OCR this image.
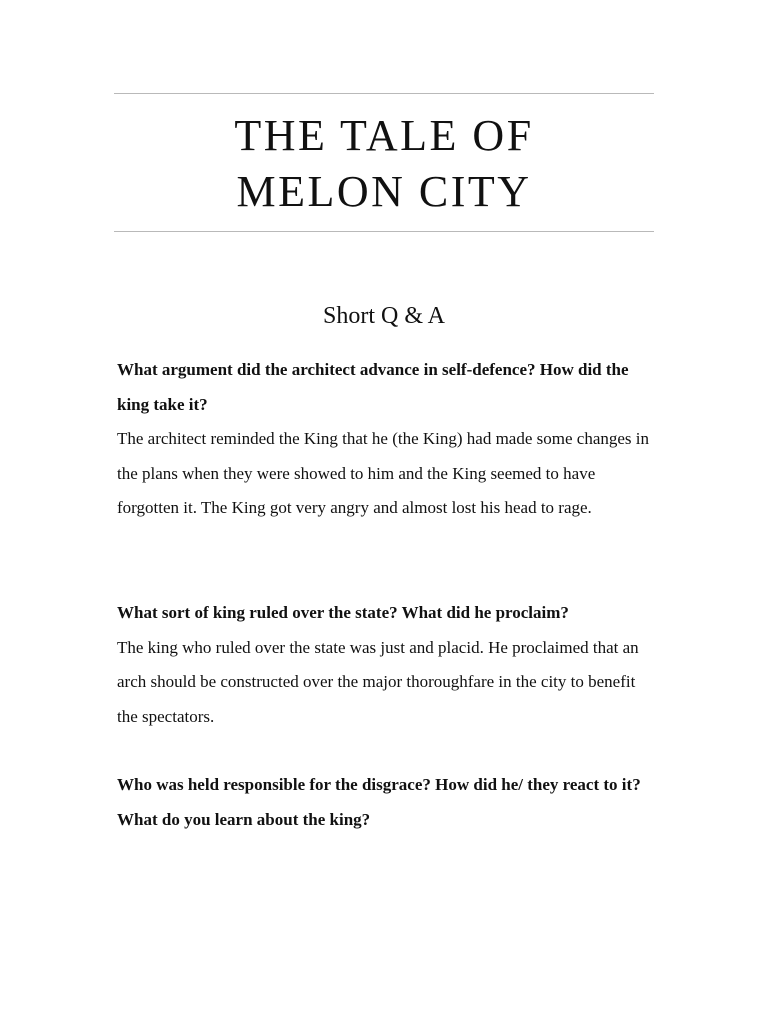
THE TALE OF
MELON CITY
Short Q & A

What argument did the architect advance in self-defence? How did the king take it?

The architect reminded the King that he (the King) had made some changes in the plans when they were showed to him and the King seemed to have forgotten it. The King got very angry and almost lost his head to rage.

What sort of king ruled over the state? What did he proclaim?

The king who ruled over the state was just and placid. He proclaimed that an arch should be constructed over the major thoroughfare in the city to benefit the spectators.

Who was held responsible for the disgrace? How did he/ they react to it? What do you learn about the king?
